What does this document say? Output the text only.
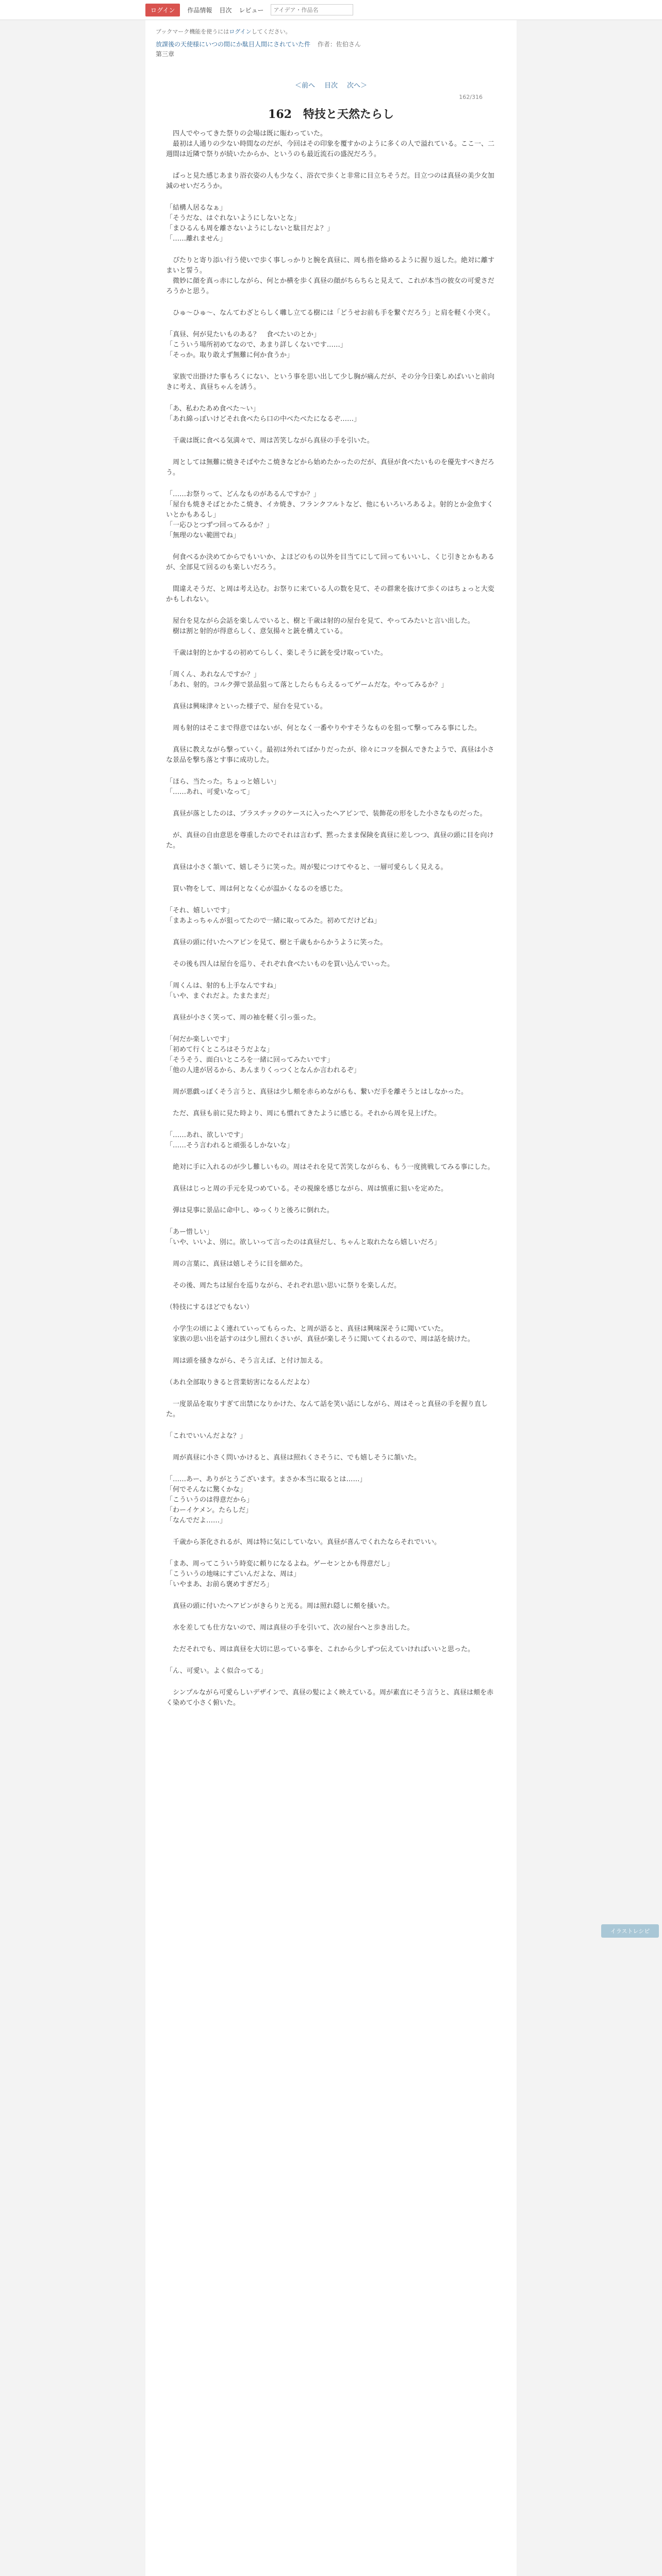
ログイン	作品情報 目次 レビュー
アイデア・作品名
ブックマーク機能を使うにはログインしてください。
放課後の天使様にいつの間にか駄目人間にされていた件 作者：佐伯さん
第三章
＜前へ 目次 次へ＞
162/316
162　特技と天然たらし

　四人でやってきた祭りの会場は既に賑わっていた。
　最初は人通りの少ない時間なのだが、今回はその印象を覆すかのように多くの人で溢れている。ここ一、二週間は近隣で祭りが続いたからか、というのも最近流石の盛況だろう。

　ぱっと見た感じあまり浴衣姿の人も少なく、浴衣で歩くと非常に目立ちそうだ。目立つのは真昼の美少女加減のせいだろうか。

「結構人居るなぁ」
「そうだな、はぐれないようにしないとな」
「まひるんも周を離さないようにしないと駄目だよ？」
「……離れません」

　ぴたりと寄り添い行う使いで歩く事しっかりと腕を真昼に、周も指を絡めるように握り返した。絶対に離すまいと誓う。
　微妙に顔を真っ赤にしながら、何とか横を歩く真昼の顔がちらちらと見えて、これが本当の彼女の可愛さだろうかと思う。

　ひゅ〜ひゅ〜、なんてわざとらしく囃し立てる樹には「どうせお前も手を繋ぐだろう」と肩を軽く小突く。

「真昼、何が見たいものある？　食べたいのとか」
「こういう場所初めてなので、あまり詳しくないです……」
「そっか。取り敢えず無難に何か食うか」

　家族で出掛けた事もろくにない、という事を思い出して少し胸が痛んだが、その分今日楽しめばいいと前向きに考え、真昼ちゃんを誘う。

「あ、私わたあめ食べた〜い」
「あれ綿っぽいけどそれ食べたら口の中べたべたになるぞ……」

　千歳は既に食べる気満々で、周は苦笑しながら真昼の手を引いた。

　周としては無難に焼きそばやたこ焼きなどから始めたかったのだが、真昼が食べたいものを優先すべきだろう。

「……お祭りって、どんなものがあるんですか？」
「屋台も焼きそばとかたこ焼き、イカ焼き、フランクフルトなど、他にもいろいろあるよ。射的とか金魚すくいとかもあるし」
「一応ひとつずつ回ってみるか？」
「無理のない範囲でね」

　何食べるか決めてからでもいいか、よほどのもの以外を目当てにして回ってもいいし、くじ引きとかもあるが、全部見て回るのも楽しいだろう。

　間違えそうだ、と周は考え込む。お祭りに来ている人の数を見て、その群衆を抜けて歩くのはちょっと大変かもしれない。

　屋台を見ながら会話を楽しんでいると、樹と千歳は射的の屋台を見て、やってみたいと言い出した。
　樹は割と射的が得意らしく、意気揚々と銃を構えている。

　千歳は射的とかするの初めてらしく、楽しそうに銃を受け取っていた。

「周くん、あれなんですか？」
「あれ、射的。コルク弾で景品狙って落としたらもらえるってゲームだな。やってみるか？」

　真昼は興味津々といった様子で、屋台を見ている。

　周も射的はそこまで得意ではないが、何となく一番やりやすそうなものを狙って撃ってみる事にした。

　真昼に教えながら撃っていく。最初は外れてばかりだったが、徐々にコツを掴んできたようで、真昼は小さな景品を撃ち落とす事に成功した。

「ほら、当たった。ちょっと嬉しい」
「……あれ、可愛いなって」

　真昼が落としたのは、プラスチックのケースに入ったヘアピンで、装飾花の形をした小さなものだった。

　が、真昼の自由意思を尊重したのでそれは言わず、黙ったまま保険を真昼に差しつつ、真昼の頭に目を向けた。

　真昼は小さく頷いて、嬉しそうに笑った。周が髪につけてやると、一層可愛らしく見える。

　買い物をして、周は何となく心が温かくなるのを感じた。

「それ、嬉しいです」
「まあよっちゃんが狙ってたので一緒に取ってみた。初めてだけどね」

　真昼の頭に付いたヘアピンを見て、樹と千歳もからかうように笑った。

　その後も四人は屋台を巡り、それぞれ食べたいものを買い込んでいった。

「周くんは、射的も上手なんですね」
「いや、まぐれだよ。たまたまだ」

　真昼が小さく笑って、周の袖を軽く引っ張った。

「何だか楽しいです」
「初めて行くところはそうだよな」
「そうそう、面白いところを一緒に回ってみたいです」
「他の人達が居るから、あんまりくっつくとなんか言われるぞ」

　周が悪戯っぽくそう言うと、真昼は少し頬を赤らめながらも、繋いだ手を離そうとはしなかった。

　ただ、真昼も前に見た時より、周にも慣れてきたように感じる。それから周を見上げた。

「……あれ、欲しいです」
「……そう言われると頑張るしかないな」

　絶対に手に入れるのが少し難しいもの。周はそれを見て苦笑しながらも、もう一度挑戦してみる事にした。

　真昼はじっと周の手元を見つめている。その視線を感じながら、周は慎重に狙いを定めた。

　弾は見事に景品に命中し、ゆっくりと後ろに倒れた。

「あー惜しい」
「いや、いいよ、別に。欲しいって言ったのは真昼だし、ちゃんと取れたなら嬉しいだろ」

　周の言葉に、真昼は嬉しそうに目を細めた。

　その後、周たちは屋台を巡りながら、それぞれ思い思いに祭りを楽しんだ。

（特技にするほどでもない）

　小学生の頃によく連れていってもらった、と周が語ると、真昼は興味深そうに聞いていた。
　家族の思い出を話すのは少し照れくさいが、真昼が楽しそうに聞いてくれるので、周は話を続けた。

　周は頭を掻きながら、そう言えば、と付け加える。

（あれ全部取りきると営業妨害になるんだよな）

　一度景品を取りすぎて出禁になりかけた、なんて話を笑い話にしながら、周はそっと真昼の手を握り直した。

「これでいいんだよな？」

　周が真昼に小さく問いかけると、真昼は照れくさそうに、でも嬉しそうに頷いた。

「……あー、ありがとうございます。まさか本当に取るとは……」
「何でそんなに驚くかな」
「こういうのは得意だから」
「わーイケメン。たらしだ」
「なんでだよ……」

　千歳から茶化されるが、周は特に気にしていない。真昼が喜んでくれたならそれでいい。

「まあ、周ってこういう時変に頼りになるよね。ゲーセンとかも得意だし」
「こういうの地味にすごいんだよな、周は」
「いやまあ、お前ら褒めすぎだろ」

　真昼の頭に付いたヘアピンがきらりと光る。周は照れ隠しに頬を掻いた。

　水を差しても仕方ないので、周は真昼の手を引いて、次の屋台へと歩き出した。

　ただそれでも、周は真昼を大切に思っている事を、これから少しずつ伝えていければいいと思った。

「ん、可愛い。よく似合ってる」

　シンプルながら可愛らしいデザインで、真昼の髪によく映えている。周が素直にそう言うと、真昼は頬を赤く染めて小さく俯いた。

イラストレシピ
